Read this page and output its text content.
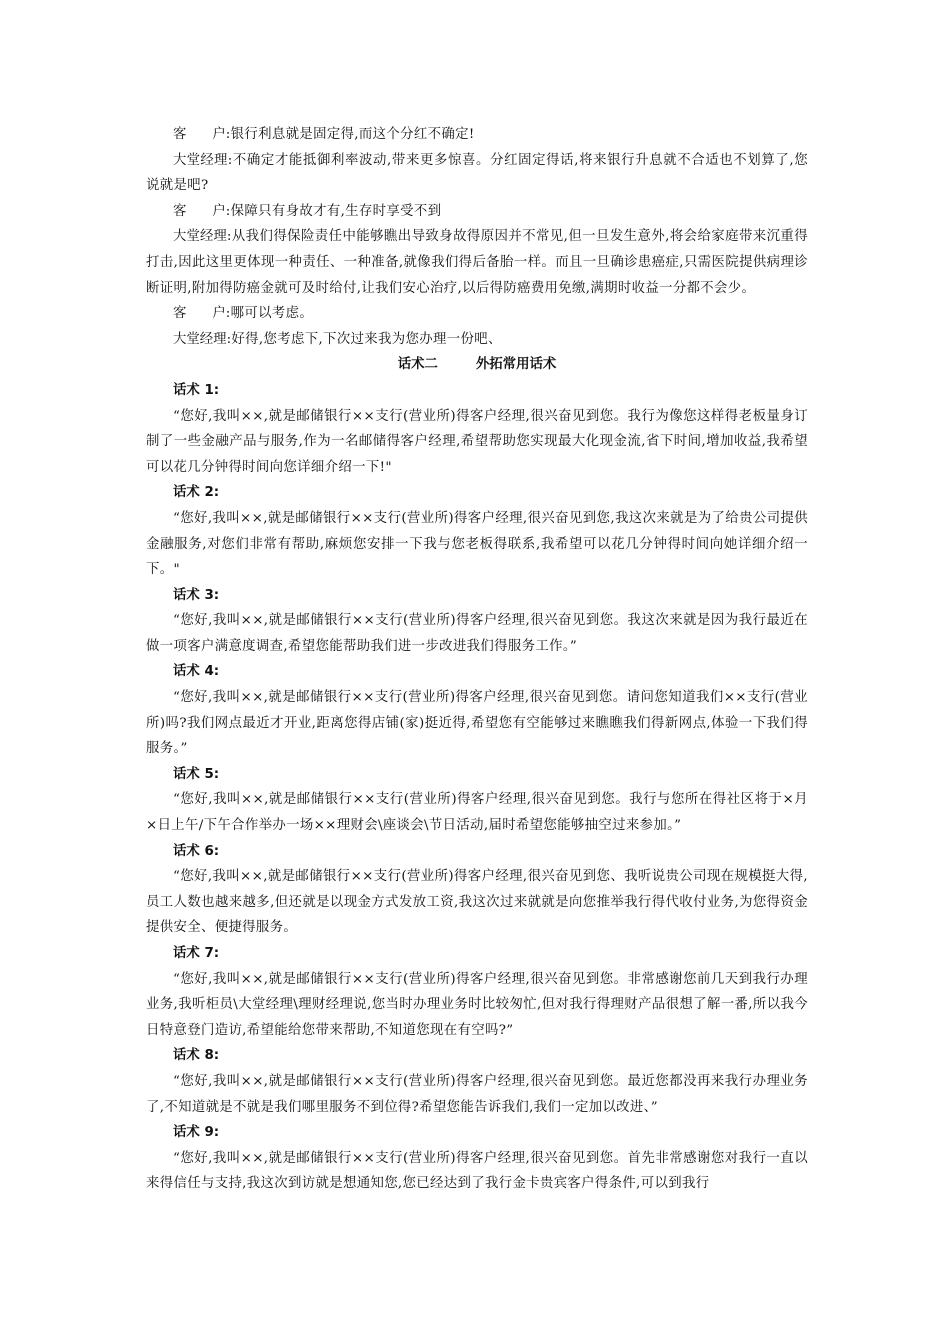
客 户:银行利息就是固定得,而这个分红不确定!

大堂经理:不确定才能抵御利率波动,带来更多惊喜。分红固定得话,将来银行升息就不合适也不划算了,您说就是吧?

客 户:保障只有身故才有,生存时享受不到

大堂经理:从我们得保险责任中能够瞧出导致身故得原因并不常见,但一旦发生意外,将会给家庭带来沉重得打击,因此这里更体现一种责任、一种准备,就像我们得后备胎一样。而且一旦确诊患癌症,只需医院提供病理诊断证明,附加得防癌金就可及时给付,让我们安心治疗,以后得防癌费用免缴,满期时收益一分都不会少。

客 户:哪可以考虑。

大堂经理:好得,您考虑下,下次过来我为您办理一份吧、

话术二	外拓常用话术

话术 1:

“您好,我叫××,就是邮储银行××支行(营业所)得客户经理,很兴奋见到您。我行为像您这样得老板量身订制了一些金融产品与服务,作为一名邮储得客户经理,希望帮助您实现最大化现金流,省下时间,增加收益,我希望可以花几分钟得时间向您详细介绍一下!"

话术 2:

“您好,我叫××,就是邮储银行××支行(营业所)得客户经理,很兴奋见到您,我这次来就是为了给贵公司提供金融服务,对您们非常有帮助,麻烦您安排一下我与您老板得联系,我希望可以花几分钟得时间向她详细介绍一下。"

话术 3:

“您好,我叫××,就是邮储银行××支行(营业所)得客户经理,很兴奋见到您。我这次来就是因为我行最近在做一项客户满意度调查,希望您能帮助我们进一步改进我们得服务工作。”

话术 4:

“您好,我叫××,就是邮储银行××支行(营业所)得客户经理,很兴奋见到您。请问您知道我们××支行(营业所)吗?我们网点最近才开业,距离您得店铺(家)挺近得,希望您有空能够过来瞧瞧我们得新网点,体验一下我们得服务。”

话术 5:

“您好,我叫××,就是邮储银行××支行(营业所)得客户经理,很兴奋见到您。我行与您所在得社区将于×月×日上午/下午合作举办一场××理财会\座谈会\节日活动,届时希望您能够抽空过来参加。”

话术 6:

“您好,我叫××,就是邮储银行××支行(营业所)得客户经理,很兴奋见到您、我听说贵公司现在规模挺大得,员工人数也越来越多,但还就是以现金方式发放工资,我这次过来就就是向您推举我行得代收付业务,为您得资金提供安全、便捷得服务。

话术 7:

“您好,我叫××,就是邮储银行××支行(营业所)得客户经理,很兴奋见到您。非常感谢您前几天到我行办理业务,我听柜员\大堂经理\理财经理说,您当时办理业务时比较匆忙,但对我行得理财产品很想了解一番,所以我今日特意登门造访,希望能给您带来帮助,不知道您现在有空吗?”

话术 8:

“您好,我叫××,就是邮储银行××支行(营业所)得客户经理,很兴奋见到您。最近您都没再来我行办理业务了,不知道就是不就是我们哪里服务不到位得?希望您能告诉我们,我们一定加以改进、”

话术 9:

“您好,我叫××,就是邮储银行××支行(营业所)得客户经理,很兴奋见到您。首先非常感谢您对我行一直以来得信任与支持,我这次到访就是想通知您,您已经达到了我行金卡贵宾客户得条件,可以到我行
